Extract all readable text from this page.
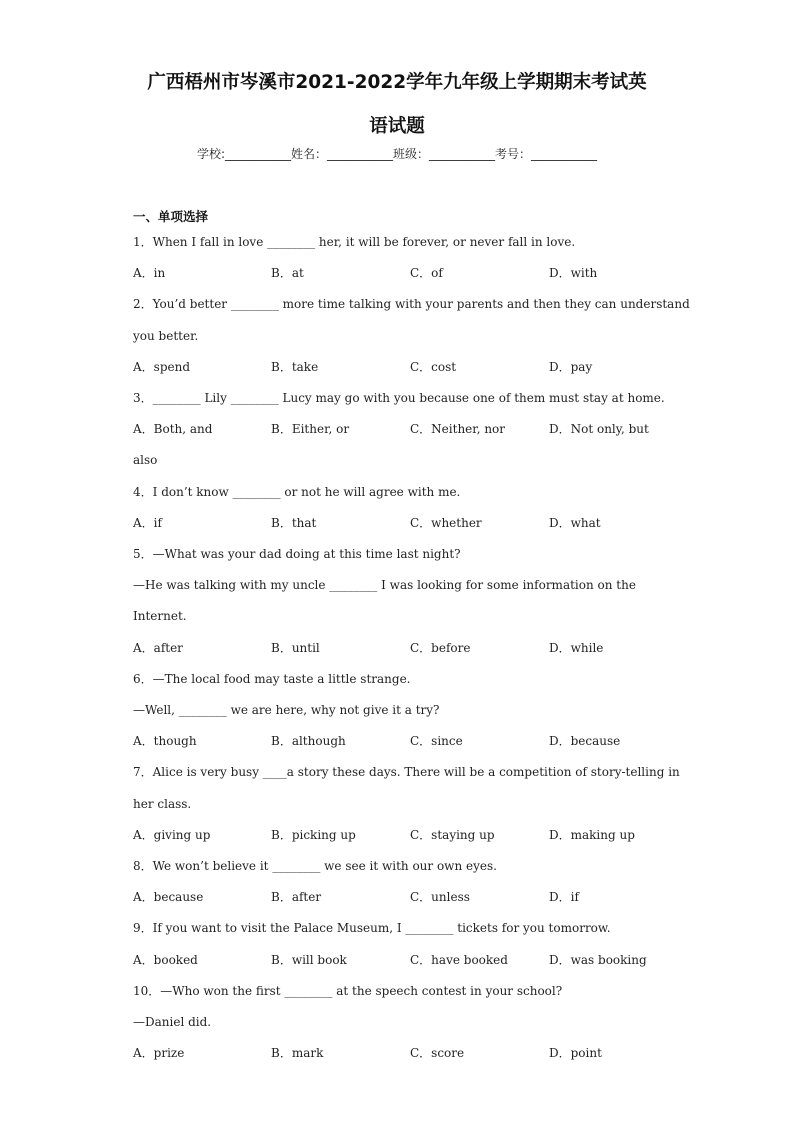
广西梧州市岑溪市2021-2022学年九年级上学期期末考试英
语试题
学校:___________姓名：___________班级：___________考号：___________
一、单项选择
1．When I fall in love ________ her, it will be forever, or never fall in love.
A．in	B．at	C．of	D．with
2．You’d better ________ more time talking with your parents and then they can understand
you better.
A．spend	B．take	C．cost	D．pay
3．________ Lily ________ Lucy may go with you because one of them must stay at home.
A．Both, and	B．Either, or	C．Neither, nor	D．Not only, but
also
4．I don’t know ________ or not he will agree with me.
A．if	B．that	C．whether	D．what
5．—What was your dad doing at this time last night?
—He was talking with my uncle ________ I was looking for some information on the
Internet.
A．after	B．until	C．before	D．while
6．—The local food may taste a little strange.
—Well, ________ we are here, why not give it a try?
A．though	B．although	C．since	D．because
7．Alice is very busy ____a story these days. There will be a competition of story-telling in
her class.
A．giving up	B．picking up	C．staying up	D．making up
8．We won’t believe it ________ we see it with our own eyes.
A．because	B．after	C．unless	D．if
9．If you want to visit the Palace Museum, I ________ tickets for you tomorrow.
A．booked	B．will book	C．have booked	D．was booking
10．—Who won the first ________ at the speech contest in your school?
—Daniel did.
A．prize	B．mark	C．score	D．point
